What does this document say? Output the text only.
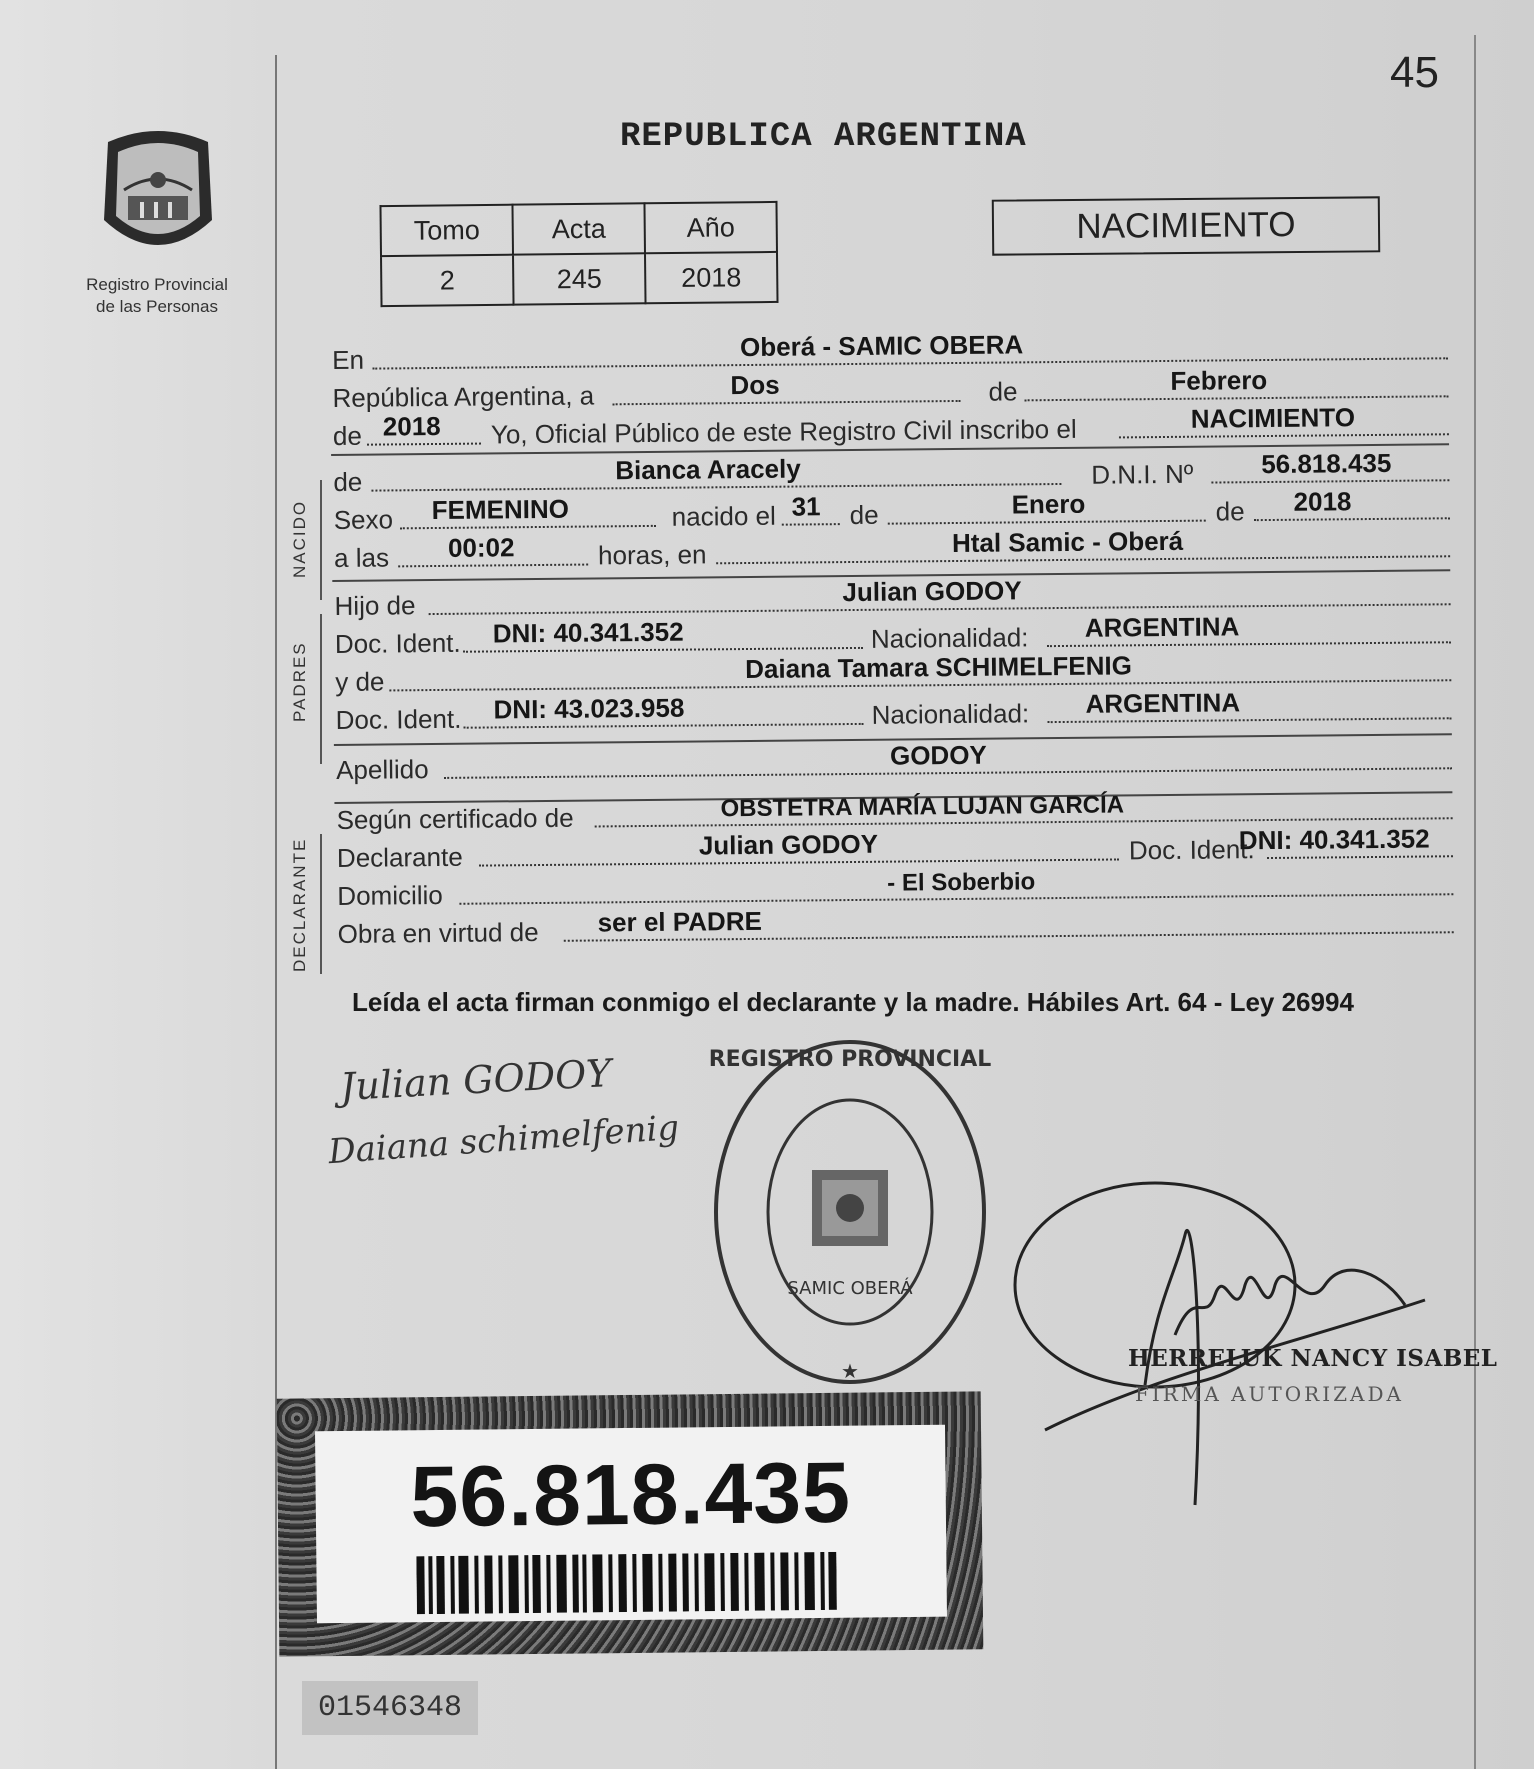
45
Registro Provincial
de las Personas
REPUBLICA ARGENTINA
Tomo	Acta	Año
2	245	2018
NACIMIENTO
En	Oberá - SAMIC OBERA
República Argentina, a	Dos	de	Febrero
de 2018 Yo, Oficial Público de este Registro Civil inscribo el	NACIMIENTO
de	Bianca Aracely	D.N.I. Nº	56.818.435
Sexo FEMENINO	nacido el 31 de	Enero	de 2018
a las 00:02	horas, en	Htal Samic - Oberá
Hijo de	Julian GODOY
Doc. Ident. DNI: 40.341.352	Nacionalidad: ARGENTINA
y de	Daiana Tamara SCHIMELFENIG
Doc. Ident. DNI: 43.023.958	Nacionalidad: ARGENTINA
Apellido	GODOY
Según certificado de	OBSTETRA MARÍA LUJAN GARCÍA
Declarante	Julian GODOY	Doc. Ident.
DNI: 40.341.352
Domicilio	- El Soberbio
Obra en virtud de ser el PADRE
NACIDO
PADRES
DECLARANTE
Leída el acta firman conmigo el declarante y la madre. Hábiles Art. 64 - Ley 26994
Julian GODOY
Daiana schimelfenig
REGISTRO PROVINCIAL
SAMIC OBERÁ
★	HERRELUK NANCY ISABEL
FIRMA AUTORIZADA
56.818.435
01546348
